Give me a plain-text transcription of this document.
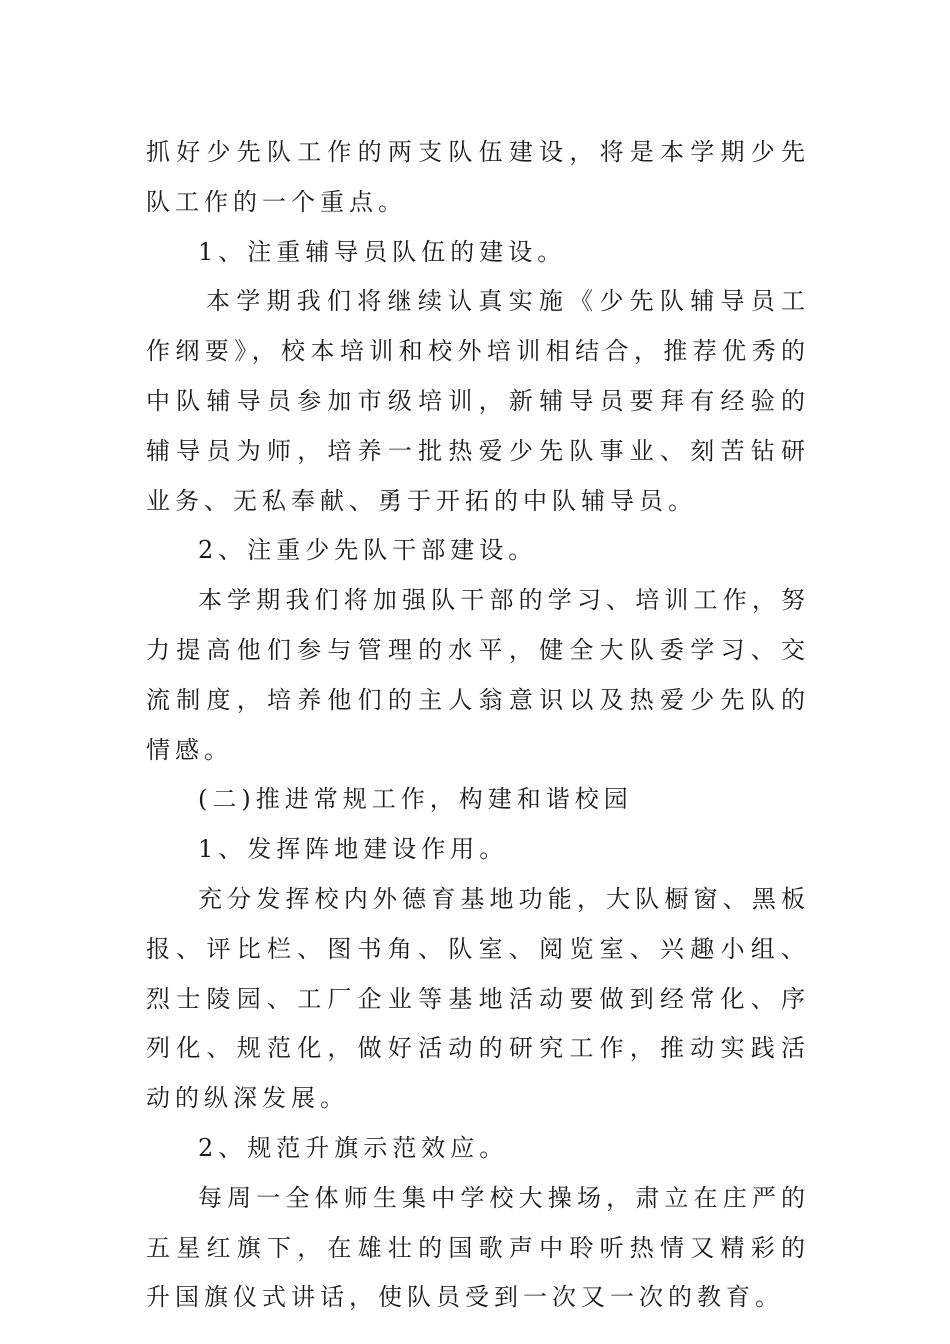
抓好少先队工作的两支队伍建设，将是本学期少先队工作的一个重点。

1、注重辅导员队伍的建设。

本学期我们将继续认真实施《少先队辅导员工作纲要》，校本培训和校外培训相结合，推荐优秀的中队辅导员参加市级培训，新辅导员要拜有经验的辅导员为师，培养一批热爱少先队事业、刻苦钻研业务、无私奉献、勇于开拓的中队辅导员。

2、注重少先队干部建设。

本学期我们将加强队干部的学习、培训工作，努力提高他们参与管理的水平，健全大队委学习、交流制度，培养他们的主人翁意识以及热爱少先队的情感。

(二)推进常规工作，构建和谐校园

1、发挥阵地建设作用。

充分发挥校内外德育基地功能，大队橱窗、黑板报、评比栏、图书角、队室、阅览室、兴趣小组、烈士陵园、工厂企业等基地活动要做到经常化、序列化、规范化，做好活动的研究工作，推动实践活动的纵深发展。

2、规范升旗示范效应。

每周一全体师生集中学校大操场，肃立在庄严的五星红旗下，在雄壮的国歌声中聆听热情又精彩的升国旗仪式讲话，使队员受到一次又一次的教育。
